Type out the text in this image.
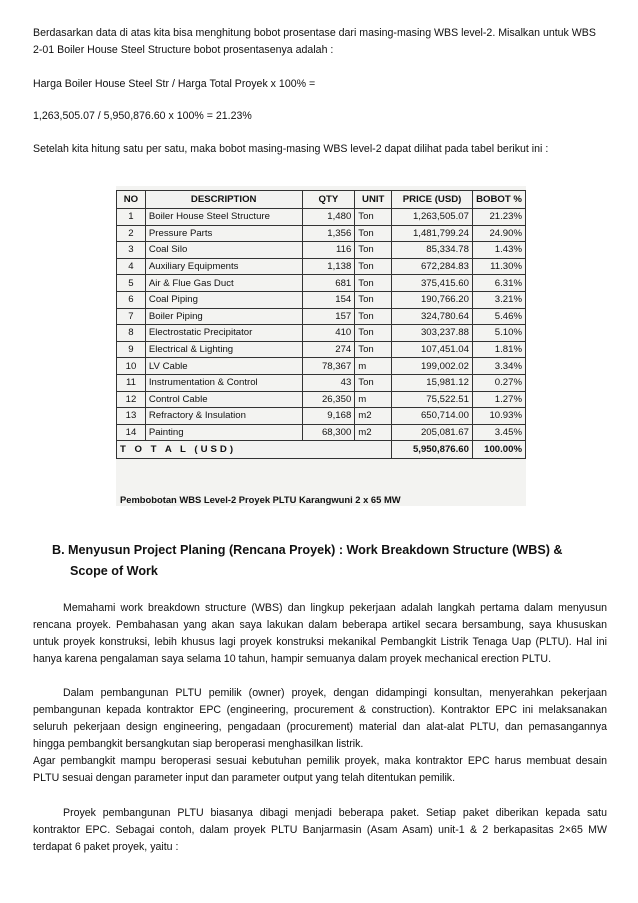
Berdasarkan data di atas kita bisa menghitung bobot prosentase dari masing-masing WBS level-2. Misalkan untuk WBS 2-01 Boiler House Steel Structure bobot prosentasenya adalah :

Harga Boiler House Steel Str / Harga Total Proyek x 100% =

1,263,505.07 / 5,950,876.60 x 100% = 21.23%

Setelah kita hitung satu per satu, maka bobot masing-masing WBS level-2 dapat dilihat pada tabel berikut ini :

NO	DESCRIPTION	QTY	UNIT	PRICE (USD)	BOBOT %
1	Boiler House Steel Structure	1,480	Ton	1,263,505.07	21.23%
2	Pressure Parts	1,356	Ton	1,481,799.24	24.90%
3	Coal Silo	116	Ton	85,334.78	1.43%
4	Auxiliary Equipments	1,138	Ton	672,284.83	11.30%
5	Air & Flue Gas Duct	681	Ton	375,415.60	6.31%
6	Coal Piping	154	Ton	190,766.20	3.21%
7	Boiler Piping	157	Ton	324,780.64	5.46%
8	Electrostatic Precipitator	410	Ton	303,237.88	5.10%
9	Electrical & Lighting	274	Ton	107,451.04	1.81%
10	LV Cable	78,367	m	199,002.02	3.34%
11	Instrumentation & Control	43	Ton	15,981.12	0.27%
12	Control Cable	26,350	m	75,522.51	1.27%
13	Refractory & Insulation	9,168	m2	650,714.00	10.93%
14	Painting	68,300	m2	205,081.67	3.45%
T O T A L (USD)				5,950,876.60	100.00%
Pembobotan WBS Level-2 Proyek PLTU Karangwuni 2 x 65 MW
B. Menyusun Project Planing (Rencana Proyek) : Work Breakdown Structure (WBS) &
Scope of Work

Memahami work breakdown structure (WBS) dan lingkup pekerjaan adalah langkah pertama dalam menyusun rencana proyek. Pembahasan yang akan saya lakukan dalam beberapa artikel secara bersambung, saya khususkan untuk proyek konstruksi, lebih khusus lagi proyek konstruksi mekanikal Pembangkit Listrik Tenaga Uap (PLTU). Hal ini hanya karena pengalaman saya selama 10 tahun, hampir semuanya dalam proyek mechanical erection PLTU.

Dalam pembangunan PLTU pemilik (owner) proyek, dengan didampingi konsultan, menyerahkan pekerjaan pembangunan kepada kontraktor EPC (engineering, procurement & construction). Kontraktor EPC ini melaksanakan seluruh pekerjaan design engineering, pengadaan (procurement) material dan alat-alat PLTU, dan pemasangannya hingga pembangkit bersangkutan siap beroperasi menghasilkan listrik.

Agar pembangkit mampu beroperasi sesuai kebutuhan pemilik proyek, maka kontraktor EPC harus membuat desain PLTU sesuai dengan parameter input dan parameter output yang telah ditentukan pemilik.

Proyek pembangunan PLTU biasanya dibagi menjadi beberapa paket. Setiap paket diberikan kepada satu kontraktor EPC. Sebagai contoh, dalam proyek PLTU Banjarmasin (Asam Asam) unit-1 & 2 berkapasitas 2×65 MW terdapat 6 paket proyek, yaitu :
